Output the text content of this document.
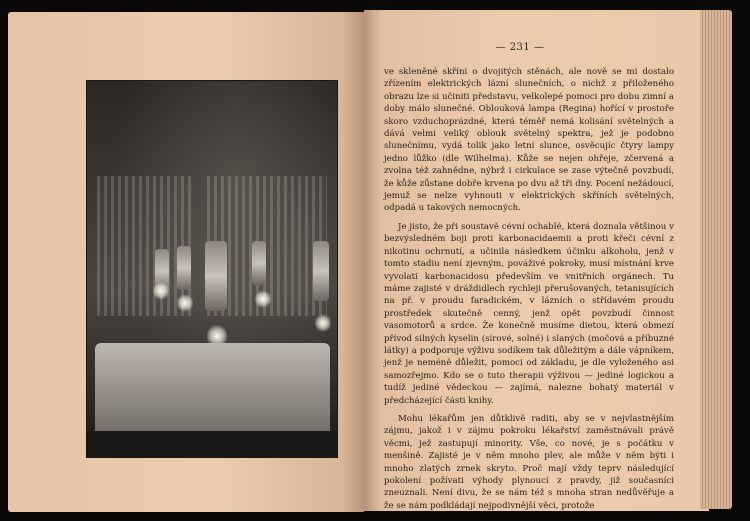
— 231 —

ve skleněné skříni o dvojitých stěnách, ale nově se mi dostalo zřízením elektrických lázní slunečních, o nichž z přiloženého obrazu lze si učiniti představu, velkolepé pomoci pro dobu zimní a doby málo slunečné. Oblouková lampa (Regina) hořící v prostoře skoro vzduchoprázdné, která téměř nemá kolisání světelných a dává velmi veliký oblouk světelný spektra, jež je podobno slunečnímu, vydá tolik jako letní slunce, osvěcujíc čtyry lampy jedno lůžko (dle Wilhelma). Kůže se nejen ohřeje, zčervená a zvolna též zahnědne, nýbrž i cirkulace se zase výtečně povzbudí, že kůže zůstane dobře krvena po dvu až tři dny. Pocení nežádoucí, jemuž se nelze vyhnouti v elektrických skříních světelných, odpadá u takových nemocných.

Je jisto, že při soustavě cévní ochablé, která doznala většinou v bezvýsledném boji proti karbonacidaemii a proti křeči cévní z nikotinu ochrnutí, a učinila následkem účinku alkoholu, jenž v tomto stadiu není zjevným, pováživé pokroky, musí místnání krve vyvolati karbonacidosu především ve vnitřních orgánech. Tu máme zajisté v dráždidlech rychleji přerušovaných, tetanisujících na př. v proudu faradickém, v lázních o střídavém proudu prostředek skutečně cenný, jenž opět povzbudí činnost vasomotorů a srdce. Že konečně musíme dietou, která obmezí přívod silných kyselin (sírové, solné) i slaných (močová a příbuzné látky) a podporuje výživu sodíkem tak důležitým a dále vápníkem, jenž je neméně důležit, pomoci od základu, je dle vyloženého asi samozřejmo. Kdo se o tuto therapii výživou — jediné logickou a tudíž jediné vědeckou — zajímá, nalezne bohatý materiál v předcházející části knihy.

Mohu lékařům jen důtklivě raditi, aby se v nejvlastnějším zájmu, jakož i v zájmu pokroku lékařství zaměstnávali právě věcmi, jež zastupují minority. Vše, co nové, je s počátku v menšině. Zajisté je v něm mnoho plev, ale může v něm býti i mnoho zlatých zrnek skryto. Proč mají vždy teprv následující pokolení požívati výhody plynoucí z pravdy, již současníci zneuznali. Není divu, že se nám též s mnoha stran nedůvěřuje a že se nám podkládají nejpodivnější věci, protože
